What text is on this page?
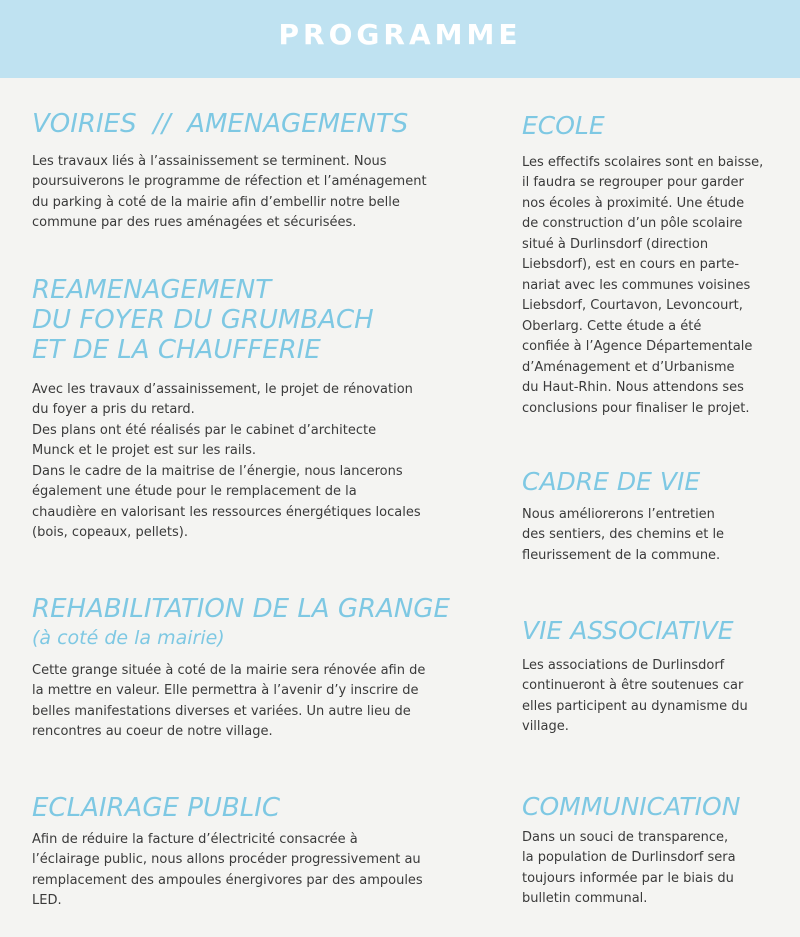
PROGRAMME
VOIRIES  //  AMENAGEMENTS

Les travaux liés à l’assainissement se terminent. Nous
poursuiverons le programme de réfection et l’aménagement
du parking à coté de la mairie afin d’embellir notre belle
commune par des rues aménagées et sécurisées.

REAMENAGEMENT
DU FOYER DU GRUMBACH
ET DE LA CHAUFFERIE

Avec les travaux d’assainissement, le projet de rénovation
du foyer a pris du retard.
Des plans ont été réalisés par le cabinet d’architecte
Munck et le projet est sur les rails.
Dans le cadre de la maitrise de l’énergie, nous lancerons
également une étude pour le remplacement de la
chaudière en valorisant les ressources énergétiques locales
(bois, copeaux, pellets).

REHABILITATION DE LA GRANGE
(à coté de la mairie)

Cette grange située à coté de la mairie sera rénovée afin de
la mettre en valeur. Elle permettra à l’avenir d’y inscrire de
belles manifestations diverses et variées. Un autre lieu de
rencontres au coeur de notre village.

ECLAIRAGE PUBLIC

Afin de réduire la facture d’électricité consacrée à
l’éclairage public, nous allons procéder progressivement au
remplacement des ampoules énergivores par des ampoules
LED.

ECOLE

Les effectifs scolaires sont en baisse,
il faudra se regrouper pour garder
nos écoles à proximité. Une étude
de construction d’un pôle scolaire
situé à Durlinsdorf (direction
Liebsdorf), est en cours en parte-
nariat avec les communes voisines
Liebsdorf, Courtavon, Levoncourt,
Oberlarg. Cette étude a été
confiée à l’Agence Départementale
d’Aménagement et d’Urbanisme
du Haut-Rhin. Nous attendons ses
conclusions pour finaliser le projet.

CADRE DE VIE

Nous améliorerons l’entretien
des sentiers, des chemins et le
fleurissement de la commune.

VIE ASSOCIATIVE

Les associations de Durlinsdorf
continueront à être soutenues car
elles participent au dynamisme du
village.

COMMUNICATION

Dans un souci de transparence,
la population de Durlinsdorf sera
toujours informée par le biais du
bulletin communal.
